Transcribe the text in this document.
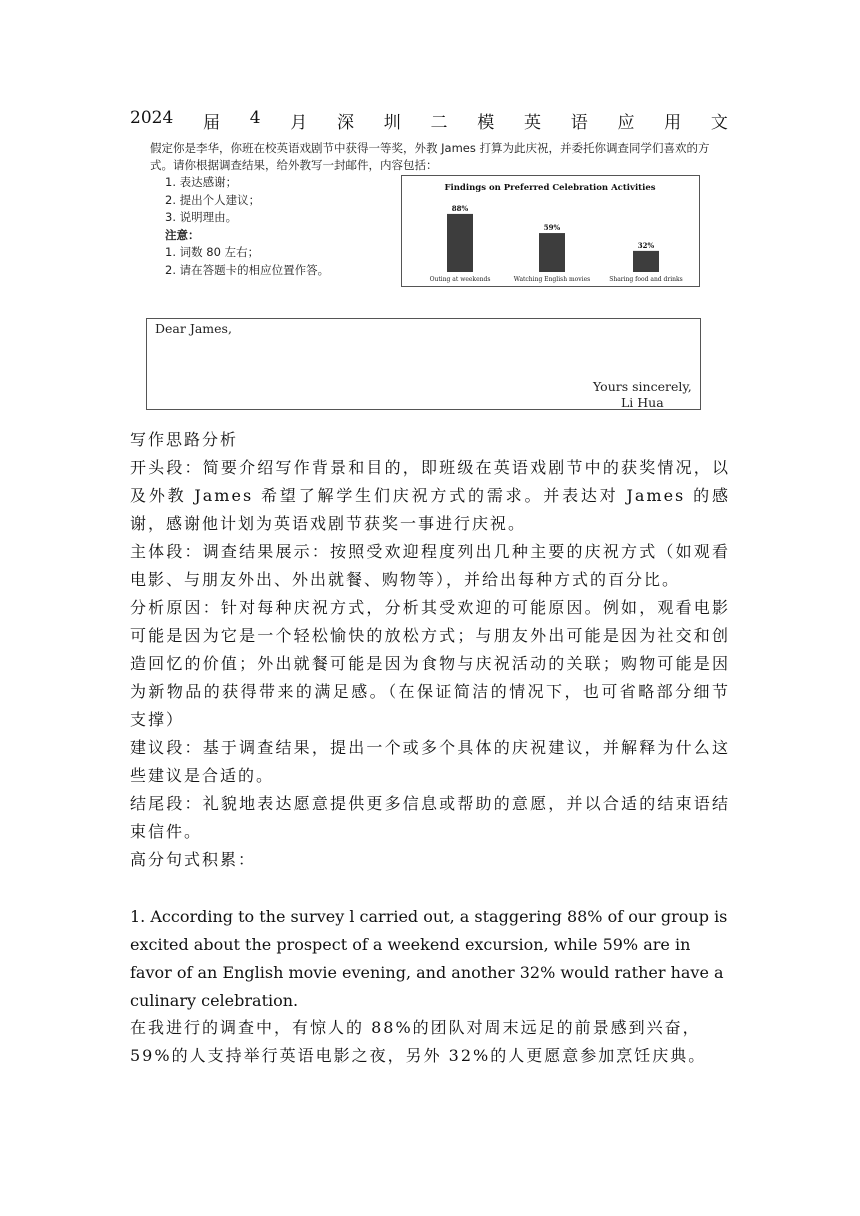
2024 届 4 月 深 圳 二 模 英 语 应 用 文

假定你是李华，你班在校英语戏剧节中获得一等奖，外教 James 打算为此庆祝，并委托你调查同学们喜欢的方式。请你根据调查结果，给外教写一封邮件，内容包括：

1. 表达感谢；
2. 提出个人建议；
3. 说明理由。
注意：
1. 词数 80 左右；
2. 请在答题卡的相应位置作答。
Findings on Preferred Celebration Activities
88%
Outing at weekends
59%
Watching English movies
32%
Sharing food and drinks
Dear James,
Yours sincerely,
Li Hua

写作思路分析

开头段：简要介绍写作背景和目的，即班级在英语戏剧节中的获奖情况，以及外教 James 希望了解学生们庆祝方式的需求。并表达对 James 的感谢，感谢他计划为英语戏剧节获奖一事进行庆祝。

主体段：调查结果展示：按照受欢迎程度列出几种主要的庆祝方式（如观看电影、与朋友外出、外出就餐、购物等），并给出每种方式的百分比。

分析原因：针对每种庆祝方式，分析其受欢迎的可能原因。例如，观看电影可能是因为它是一个轻松愉快的放松方式；与朋友外出可能是因为社交和创造回忆的价值；外出就餐可能是因为食物与庆祝活动的关联；购物可能是因为新物品的获得带来的满足感。（在保证简洁的情况下，也可省略部分细节支撑）

建议段：基于调查结果，提出一个或多个具体的庆祝建议，并解释为什么这些建议是合适的。

结尾段：礼貌地表达愿意提供更多信息或帮助的意愿，并以合适的结束语结束信件。

高分句式积累：

1. According to the survey l carried out, a staggering 88% of our group is excited about the prospect of a weekend excursion, while 59% are in favor of an English movie evening, and another 32% would rather have a culinary celebration.

在我进行的调查中，有惊人的 88%的团队对周末远足的前景感到兴奋，59%的人支持举行英语电影之夜，另外 32%的人更愿意参加烹饪庆典。
